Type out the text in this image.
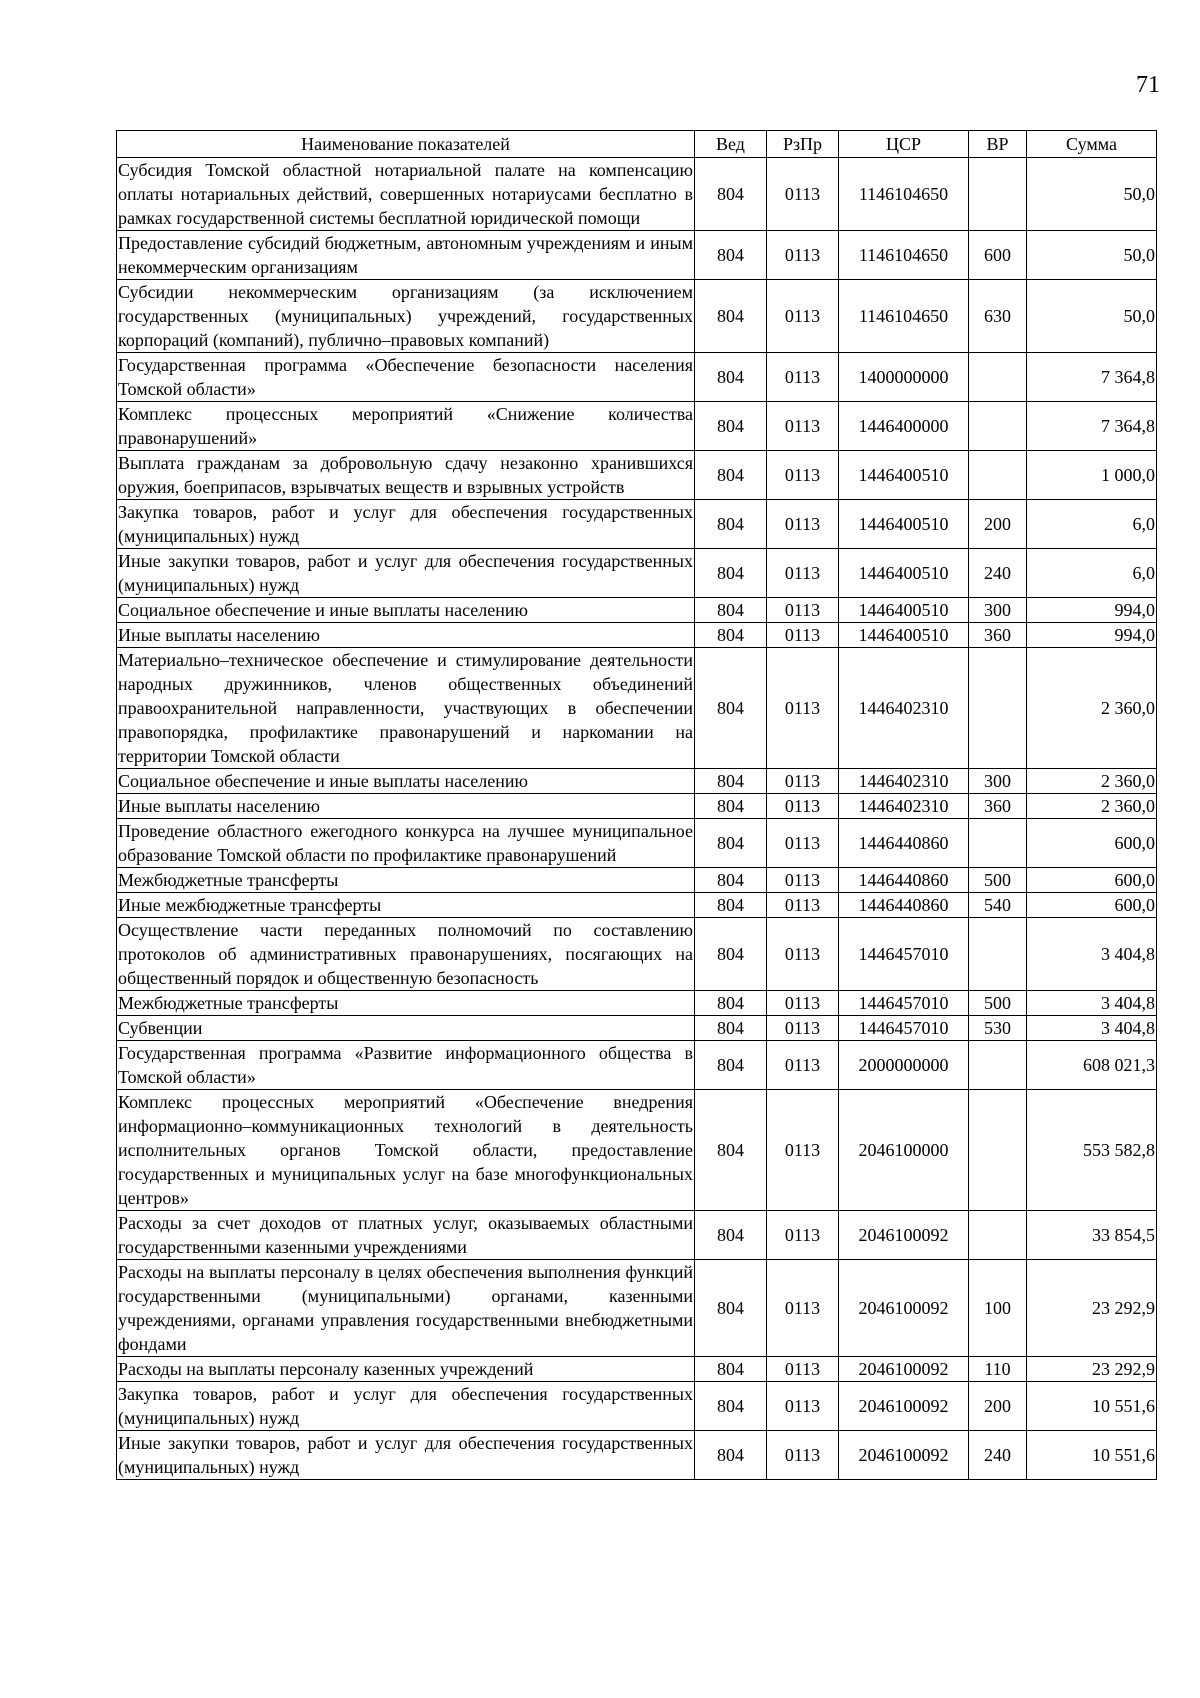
71
Наименование показателей	Вед	РзПр	ЦСР	ВР	Сумма
Субсидия Томской областной нотариальной палате на компенсацию оплаты нотариальных действий, совершенных нотариусами бесплатно в рамках государственной системы бесплатной юридической помощи	804	0113	1146104650		50,0
Предоставление субсидий бюджетным, автономным учреждениям и иным некоммерческим организациям	804	0113	1146104650	600	50,0
Субсидии некоммерческим организациям (за исключением государственных (муниципальных) учреждений, государственных корпораций (компаний), публично–правовых компаний)	804	0113	1146104650	630	50,0
Государственная программа «Обеспечение безопасности населения Томской области»	804	0113	1400000000		7 364,8
Комплекс процессных мероприятий «Снижение количества правонарушений»	804	0113	1446400000		7 364,8
Выплата гражданам за добровольную сдачу незаконно хранившихся оружия, боеприпасов, взрывчатых веществ и взрывных устройств	804	0113	1446400510		1 000,0
Закупка товаров, работ и услуг для обеспечения государственных (муниципальных) нужд	804	0113	1446400510	200	6,0
Иные закупки товаров, работ и услуг для обеспечения государственных (муниципальных) нужд	804	0113	1446400510	240	6,0
Социальное обеспечение и иные выплаты населению	804	0113	1446400510	300	994,0
Иные выплаты населению	804	0113	1446400510	360	994,0
Материально–техническое обеспечение и стимулирование деятельности народных дружинников, членов общественных объединений правоохранительной направленности, участвующих в обеспечении правопорядка, профилактике правонарушений и наркомании на территории Томской области	804	0113	1446402310		2 360,0
Социальное обеспечение и иные выплаты населению	804	0113	1446402310	300	2 360,0
Иные выплаты населению	804	0113	1446402310	360	2 360,0
Проведение областного ежегодного конкурса на лучшее муниципальное образование Томской области по профилактике правонарушений	804	0113	1446440860		600,0
Межбюджетные трансферты	804	0113	1446440860	500	600,0
Иные межбюджетные трансферты	804	0113	1446440860	540	600,0
Осуществление части переданных полномочий по составлению протоколов об административных правонарушениях, посягающих на общественный порядок и общественную безопасность	804	0113	1446457010		3 404,8
Межбюджетные трансферты	804	0113	1446457010	500	3 404,8
Субвенции	804	0113	1446457010	530	3 404,8
Государственная программа «Развитие информационного общества в Томской области»	804	0113	2000000000		608 021,3
Комплекс процессных мероприятий «Обеспечение внедрения информационно–коммуникационных технологий в деятельность исполнительных органов Томской области, предоставление государственных и муниципальных услуг на базе многофункциональных центров»	804	0113	2046100000		553 582,8
Расходы за счет доходов от платных услуг, оказываемых областными государственными казенными учреждениями	804	0113	2046100092		33 854,5
Расходы на выплаты персоналу в целях обеспечения выполнения функций государственными (муниципальными) органами, казенными учреждениями, органами управления государственными внебюджетными фондами	804	0113	2046100092	100	23 292,9
Расходы на выплаты персоналу казенных учреждений	804	0113	2046100092	110	23 292,9
Закупка товаров, работ и услуг для обеспечения государственных (муниципальных) нужд	804	0113	2046100092	200	10 551,6
Иные закупки товаров, работ и услуг для обеспечения государственных (муниципальных) нужд	804	0113	2046100092	240	10 551,6
